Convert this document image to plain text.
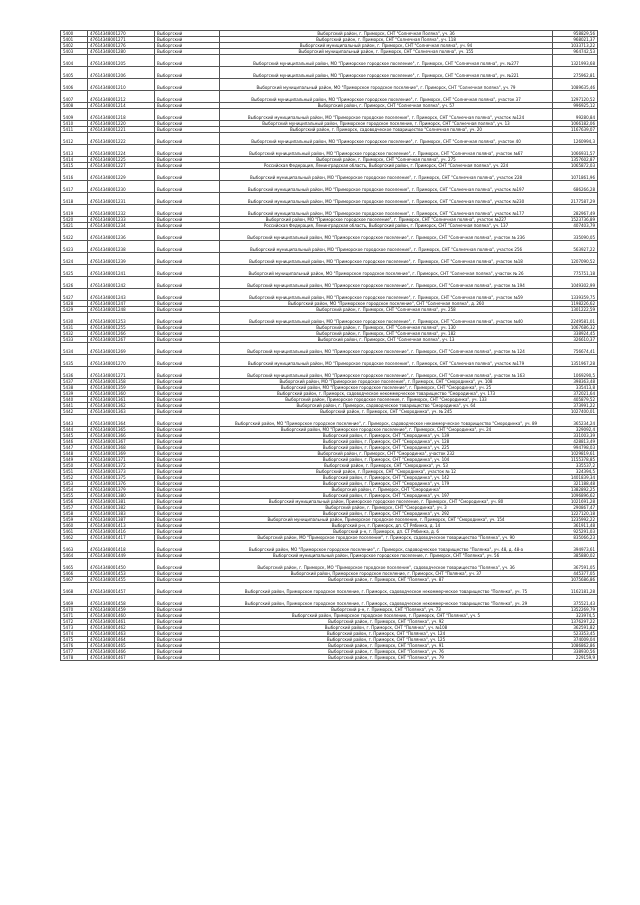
5400	47614348001270	Выборгский	Выборгский район, г. Приморск, СНТ "Солнечная Поляна", уч. 36	958829,56
5401	47614348001271	Выборгский	Выборгский район, г. Приморск, СНТ "Солнечная Поляна", уч. 118	968021,37
5402	47614348001276	Выборгский	Выборгский муниципальный район, г. Приморск, СНТ "Солнечная поляна", уч. 94	1033713,22
5403	47614348001280	Выборгский	Выборгский муниципальный район, г. Приморск, СНТ "Солнечная поляна", уч. 155	964742,53
5404	47614348001205	Выборгский	Выборгский муниципальный район, МО "Приморское городское поселение", г. Приморск, СНТ "Солнечная поляна", уч. №277	1321993,68
5405	47614348001206	Выборгский	Выборгский муниципальный район, МО "Приморское городское поселение", г. Приморск, СНТ "Солнечная поляна", уч. №221	275962,81
5406	47614348001210	Выборгский	Выборгский муниципальный район, МО "Приморское городское поселение", г. Приморск, СНТ "Солнечная поляна", уч. 79	1089635,46
5407	47614348001212	Выборгский	Выборгский муниципальный район, МО "Приморское городское поселение", г. Приморск, СНТ "Солнечная поляна", участок 37	1297120,52
5408	47614348001214	Выборгский	Выборгский район, г. Приморск, СНТ "Солнечная поляна", уч. 57	996925,12
5409	47614348001218	Выборгский	Выборгский муниципальный район, МО "Приморское городское поселение", г. Приморск, СНТ "Солнечная поляна", участок №124	99280,84
5410	47614348001220	Выборгский	Выборгский муниципальный район, Приморское городское поселение, г. Приморск, СНТ "Солнечная поляна", уч. 13	1066182,06
5411	47614348001221	Выборгский	Выборгский район, г. Приморск, садоводческое товарищество "Солнечная поляна", уч. 20	1167639,07
5412	47614348001222	Выборгский	Выборгский муниципальный район, МО "Приморское городское поселение", г. Приморск, СНТ "Солнечная поляна", участок 40	1260994,3
5413	47614348001224	Выборгский	Выборгский муниципальный район, МО "Приморское городское поселение", г. Приморск, СНТ "Солнечная поляна", участок №67	1066931,57
5414	47614348001225	Выборгский	Выборгский район, г. Приморск, СНТ "Солнечная поляна", уч. 275	1357602,87
5415	47614348001227	Выборгский	Российская Федерация, Ленинградская область, Выборгский район, г. Приморск, СНТ "Солнечная поляна", уч. 224	1065872,03
5416	47614348001229	Выборгский	Выборгский муниципальный район, МО "Приморское городское поселение", г. Приморск, СНТ "Солнечная поляна", участок 228	1071861,96
5417	47614348001230	Выборгский	Выборгский муниципальный район, МО "Приморское городское поселение", г. Приморск, СНТ "Солнечная поляна", участок №197	686266,28
5418	47614348001231	Выборгский	Выборгский муниципальный район, МО "Приморское городское поселение", г. Приморск, СНТ "Солнечная поляна", участок №230	2177587,29
5419	47614348001232	Выборгский	Выборгский муниципальный район, МО "Приморское городское поселение", г. Приморск, СНТ "Солнечная поляна", участок №177	282967,49
5420	47614348001233	Выборгский	Выборгский район, МО "Приморское городское поселение", г. Приморск, СНТ "Солнечная поляна", участок №227	1523736,89
5421	47614348001234	Выборгский	Российская Федерация, Ленинградская область, Выборгский район, г. Приморск, СНТ "Солнечная поляна", уч. 137	407403,79
5422	47614348001236	Выборгский	Выборгский муниципальный район, МО "Приморское городское поселение", г. Приморск, СНТ "Солнечная поляна", участок № 236	335090,05
5423	47614348001238	Выборгский	Выборгский муниципальный район, МО "Приморское городское поселение", г. Приморск, СНТ "Солнечная поляна", участок 256	563927,22
5424	47614348001239	Выборгский	Выборгский муниципальный район, МО "Приморское городское поселение", г. Приморск, СНТ "Солнечная поляна", участок №18	1207090,52
5425	47614348001241	Выборгский	Выборгский муниципальный район, МО "Приморское городское поселение", г. Приморск, СНТ "Солнечная поляна", участок № 26	775751,18
5426	47614348001242	Выборгский	Выборгский муниципальный район, МО "Приморское городское поселение", г. Приморск, СНТ "Солнечная поляна", участок № 194	1049302,99
5427	47614348001243	Выборгский	Выборгский муниципальный район, МО "Приморское городское поселение", г. Приморск, СНТ "Солнечная поляна", участок №59	1339359,75
5428	47614348001247	Выборгский	Выборгский район, МО "Приморское городское поселение", СНТ "Солнечная поляна", д. 260	1198226,62
5429	47614348001248	Выборгский	Выборгский район, г. Приморск, СНТ "Солнечная поляна", уч. 258	1301222,59
5430	47614348001253	Выборгский	Выборгский муниципальный район, МО "Приморское городское поселение", г. Приморск, СНТ "Солнечная поляна", участок №40	2249581,01
5431	47614348001255	Выборгский	Выборгский район, г. Приморск, СНТ "Солнечная поляна", уч. 130	1067686,32
5432	47614348001266	Выборгский	Выборгский район, г. Приморск, СНТ "Солнечная поляна", уч. 182	338924,45
5433	47614348001267	Выборгский	Выборгский район, г. Приморск, СНТ "Солнечная поляна", уч. 13	326610,37
5434	47614348001269	Выборгский	Выборгский муниципальный район, МО "Приморское городское поселение", г. Приморск, СНТ "Солнечная поляна", участок № 124	756674,41
5435	47614348001270	Выборгский	Выборгский муниципальный район, МО "Приморское городское поселение", г. Приморск, СНТ "Солнечная поляна", участок №179	1351967,28
5436	47614348001271	Выборгский	Выборгский муниципальный район, МО "Приморское городское поселение", г. Приморск, СНТ "Солнечная поляна", участок № 163	1069290,5
5437	47614348001358	Выборгский	Выборгский район, МО "Приморское городское поселение", г. Приморск, СНТ "Смородинка", уч. 108	398363,48
5438	47614348001359	Выборгский	Выборгский район, МО "Приморское городское поселение", г. Приморск, СНТ "Смородинка", уч. 25	335413,8
5439	47614348001360	Выборгский	Выборгский район, г. Приморск, садоводческое некоммерческое товарищество "Смородинка", уч. 173	372021,64
5440	47614348001361	Выборгский	Выборгский район, Приморское городское поселение, г. Приморск, СНТ "Смородинка", уч. 133	405879,52
5441	47614348001362	Выборгский	Выборгский район, г. Приморск, садоводческое товарищество "Смородинка", уч. 64	373991,22
5442	47614348001363	Выборгский	Выборгский район, г. Приморск, СНТ "Смородинка", уч. № 245	1027400,01
5443	47614348001364	Выборгский	Выборгский район, МО "Приморское городское поселение", г. Приморск, садоводческое некоммерческое товарищество "Смородинка", уч. 89	365234,24
5444	47614348001365	Выборгский	Выборгский район, МО "Приморское городское поселение", г. Приморск, СНТ "Смородинка", уч. 24	329092,4
5445	47614348001366	Выборгский	Выборгский район, г. Приморск, СНТ "Смородинка", уч. 139	331003,39
5446	47614348001367	Выборгский	Выборгский район, г. Приморск, СНТ "Смородинка", уч. 128	428813,49
5447	47614348001368	Выборгский	Выборгский район, г. Приморск, СНТ "Смородинка", уч. 225	994798,03
5448	47614348001369	Выборгский	Выборгский район, г. Приморск, СНТ "Смородинка", участок 232	1029819,61
5449	47614348001371	Выборгский	Выборгский район, г. Приморск, СНТ "Смородинка", уч. 104	1155378,85
5450	47614348001372	Выборгский	Выборгский район, г. Приморск, СНТ "Смородинка", уч. 53	335537,2
5451	47614348001373	Выборгский	Выборгский район, г. Приморск, СНТ "Смородинка", участок № 12	324394,5
5452	47614348001375	Выборгский	Выборгский район, г. Приморск, СНТ "Смородинка", уч. 142	1401839,34
5453	47614348001376	Выборгский	Выборгский район, г. Приморск, СНТ "Смородинка", уч. 179	321188,48
5454	47614348001379	Выборгский	Выборгский район, г. Приморск, СНТ "Смородинка"	1382892,25
5455	47614348001380	Выборгский	Выборгский район, г. Приморск, СНТ "Смородинка", уч. 197	1096896,62
5456	47614348001381	Выборгский	Выборгский муниципальный район, Приморское городское поселение, г. Приморск, СНТ "Смородинка", уч. 80	1021691,28
5457	47614348001382	Выборгский	Выборгский район, г. Приморск, СНТ "Смородинка", уч. 3	290867,47
5458	47614348001383	Выборгский	Выборгский район, г. Приморск, СНТ "Смородинка", уч. 292	1227120,18
5459	47614348001387	Выборгский	Выборгский муниципальный район, Приморское городское поселение, г. Приморск, СНТ "Смородинка", уч. 154	1235992,22
5460	47614348001413	Выборгский	Выборгский р-н, г. Приморск, дп. СТ Рябинка, д. 14	361911,48
5461	47614348001416	Выборгский	Выборгский р-н, г. Приморск, дп. СТ Рябинка, д. 6	925291,03
5462	47614348001417	Выборгский	Выборгский район, МО "Приморское городское поселение", г. Приморск, садоводческое товарищество "Полянка", уч. 90	835066,23
5463	47614348001418	Выборгский	Выборгский район, МО "Приморское городское поселение", г. Приморск, садоводческое товарищество "Полянка", уч. 48, д. 48-а	394973,61
5464	47614348001449	Выборгский	Выборгский муниципальный район, Приморское городское поселение, г. Приморск, СНТ "Полянка", уч. 56	385880,02
5465	47614348001450	Выборгский	Выборгский район, г. Приморск, МО "Приморское городское поселение", садоводческое товарищество "Полянка", уч. 36	367591,05
5466	47614348001453	Выборгский	Выборгский район, Приморское городское поселение, г. Приморск, СНТ "Полянка", уч. 37	445377,05
5467	47614348001455	Выборгский	Выборгский район, г. Приморск, СНТ "Полянка", уч. 87	1075686,86
5468	47614348001457	Выборгский	Выборгский район, Приморское городское поселение, г. Приморск, садоводческое некоммерческое товарищество "Полянка", уч. 75	1162181,28
5469	47614348001458	Выборгский	Выборгский район, Приморское городское поселение, г. Приморск, садоводческое некоммерческое товарищество "Полянка", уч. 29	375521,43
5470	47614348001459	Выборгский	Выборгский р-н, г. Приморск, СНТ "Полянка", уч. 73	1352269,79
5471	47614348001460	Выборгский	Выборгский район, Приморское городское поселение, г. Приморск, СНТ "Полянка", уч. 5	323974,5
5472	47614348001461	Выборгский	Выборгский район, г. Приморск, СНТ "Полянка", уч. 92	1376297,22
5473	47614348001462	Выборгский	Выборгский район, г. Приморск, СНТ "Полянка", уч. №108	362591,82
5474	47614348001463	Выборгский	Выборгский район, г. Приморск, СНТ "Полянка", уч. 124	523353,45
5475	47614348001464	Выборгский	Выборгский район, г. Приморск, СНТ "Полянка", уч. 125	374009,04
5476	47614348001465	Выборгский	Выборгский район, г. Приморск, СНТ "Полянка", уч. 91	1086862,86
5477	47614348001466	Выборгский	Выборгский район, г. Приморск, СНТ "Полянка", уч. 76	338930,56
5478	47614348001467	Выборгский	Выборгский район, г. Приморск, СНТ "Полянка", уч. 79	229159,9
